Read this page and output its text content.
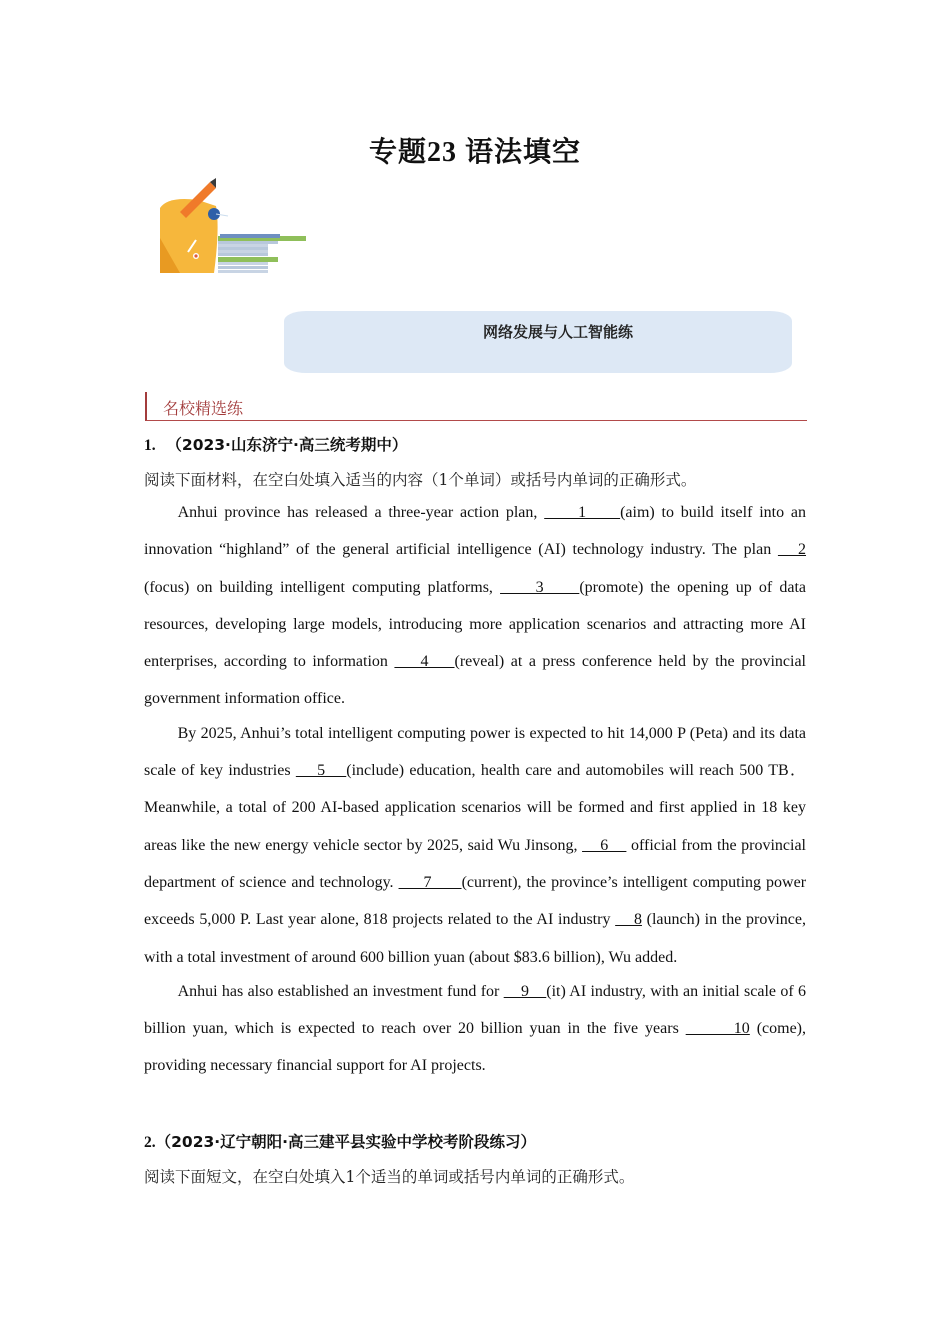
专题23 语法填空
网络发展与人工智能练
名校精选练
1. （2023·山东济宁·高三统考期中）
阅读下面材料，在空白处填入适当的内容（1个单词）或括号内单词的正确形式。

Anhui province has released a three-year action plan,      1     (aim) to build itself into an innovation “highland” of the general artificial intelligence (AI) technology industry. The plan    2 (focus) on building intelligent computing platforms,      3     (promote) the opening up of data resources, developing large models, introducing more application scenarios and attracting more AI enterprises, according to information     4    (reveal) at a press conference held by the provincial government information office.

By 2025, Anhui’s total intelligent computing power is expected to hit 14,000 P (Peta) and its data scale of key industries     5    (include) education, health care and automobiles will reach 500 TB．Meanwhile, a total of 200 AI-based application scenarios will be formed and first applied in 18 key areas like the new energy vehicle sector by 2025, said Wu Jinsong,     6     official from the provincial department of science and technology.      7      (current), the province’s intelligent computing power exceeds 5,000 P. Last year alone, 818 projects related to the AI industry     8 (launch) in the province, with a total investment of around 600 billion yuan (about $83.6 billion), Wu added.

Anhui has also established an investment fund for     9    (it) AI industry, with an initial scale of 6 billion yuan, which is expected to reach over 20 billion yuan in the five years        10 (come), providing necessary financial support for AI projects.

2.（2023·辽宁朝阳·高三建平县实验中学校考阶段练习）
阅读下面短文，在空白处填入1个适当的单词或括号内单词的正确形式。
